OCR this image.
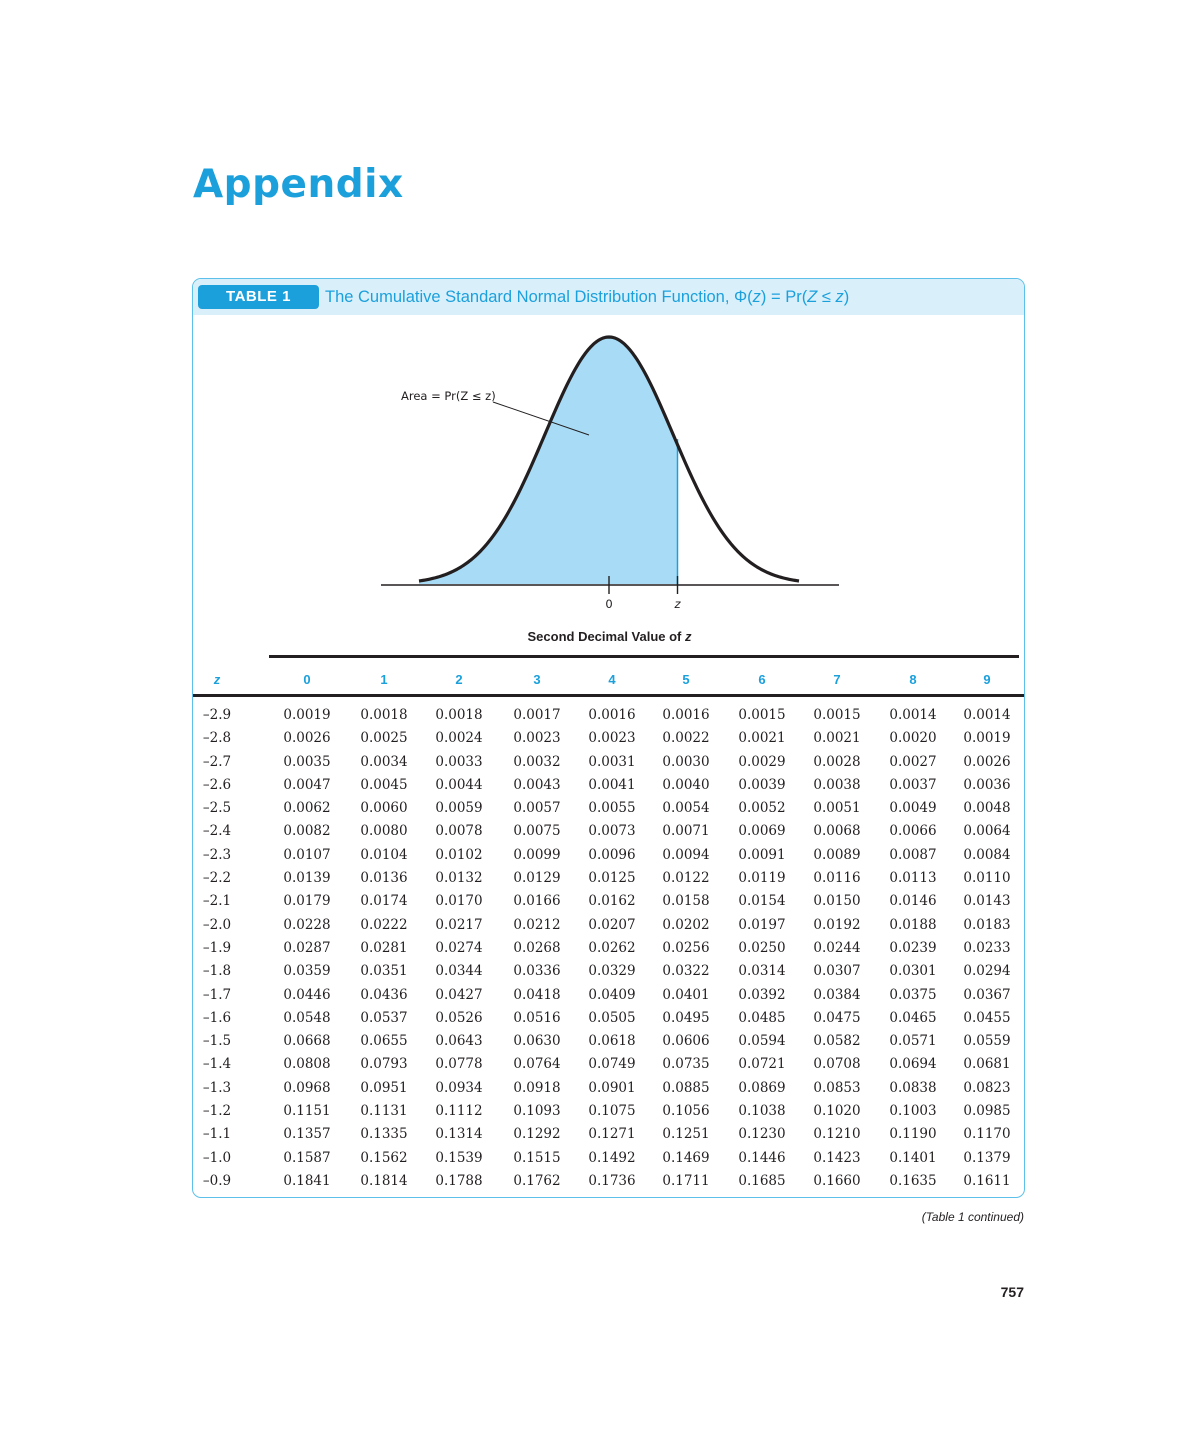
Appendix
TABLE 1	The Cumulative Standard Normal Distribution Function, Φ(z) = Pr(Z ≤ z)
Area = Pr(Z ≤ z)
0	z
Second Decimal Value of z
z	0	1	2	3	4	5	6	7	8	9
–2.9	0.0019 0.0018 0.0018 0.0017 0.0016 0.0016 0.0015 0.0015 0.0014 0.0014
–2.8	0.0026 0.0025 0.0024 0.0023 0.0023 0.0022 0.0021 0.0021 0.0020 0.0019
–2.7	0.0035 0.0034 0.0033 0.0032 0.0031 0.0030 0.0029 0.0028 0.0027 0.0026
–2.6	0.0047 0.0045 0.0044 0.0043 0.0041 0.0040 0.0039 0.0038 0.0037 0.0036
–2.5	0.0062 0.0060 0.0059 0.0057 0.0055 0.0054 0.0052 0.0051 0.0049 0.0048
–2.4	0.0082 0.0080 0.0078 0.0075 0.0073 0.0071 0.0069 0.0068 0.0066 0.0064
–2.3	0.0107 0.0104 0.0102 0.0099 0.0096 0.0094 0.0091 0.0089 0.0087 0.0084
–2.2	0.0139 0.0136 0.0132 0.0129 0.0125 0.0122 0.0119 0.0116 0.0113 0.0110
–2.1	0.0179 0.0174 0.0170 0.0166 0.0162 0.0158 0.0154 0.0150 0.0146 0.0143
–2.0	0.0228 0.0222 0.0217 0.0212 0.0207 0.0202 0.0197 0.0192 0.0188 0.0183
–1.9	0.0287 0.0281 0.0274 0.0268 0.0262 0.0256 0.0250 0.0244 0.0239 0.0233
–1.8	0.0359 0.0351 0.0344 0.0336 0.0329 0.0322 0.0314 0.0307 0.0301 0.0294
–1.7	0.0446 0.0436 0.0427 0.0418 0.0409 0.0401 0.0392 0.0384 0.0375 0.0367
–1.6	0.0548 0.0537 0.0526 0.0516 0.0505 0.0495 0.0485 0.0475 0.0465 0.0455
–1.5	0.0668 0.0655 0.0643 0.0630 0.0618 0.0606 0.0594 0.0582 0.0571 0.0559
–1.4	0.0808 0.0793 0.0778 0.0764 0.0749 0.0735 0.0721 0.0708 0.0694 0.0681
–1.3	0.0968 0.0951 0.0934 0.0918 0.0901 0.0885 0.0869 0.0853 0.0838 0.0823
–1.2	0.1151 0.1131 0.1112 0.1093 0.1075 0.1056 0.1038 0.1020 0.1003 0.0985
–1.1	0.1357 0.1335 0.1314 0.1292 0.1271 0.1251 0.1230 0.1210 0.1190 0.1170
–1.0	0.1587 0.1562 0.1539 0.1515 0.1492 0.1469 0.1446 0.1423 0.1401 0.1379
–0.9	0.1841 0.1814 0.1788 0.1762 0.1736 0.1711 0.1685 0.1660 0.1635 0.1611
(Table 1 continued)
757
